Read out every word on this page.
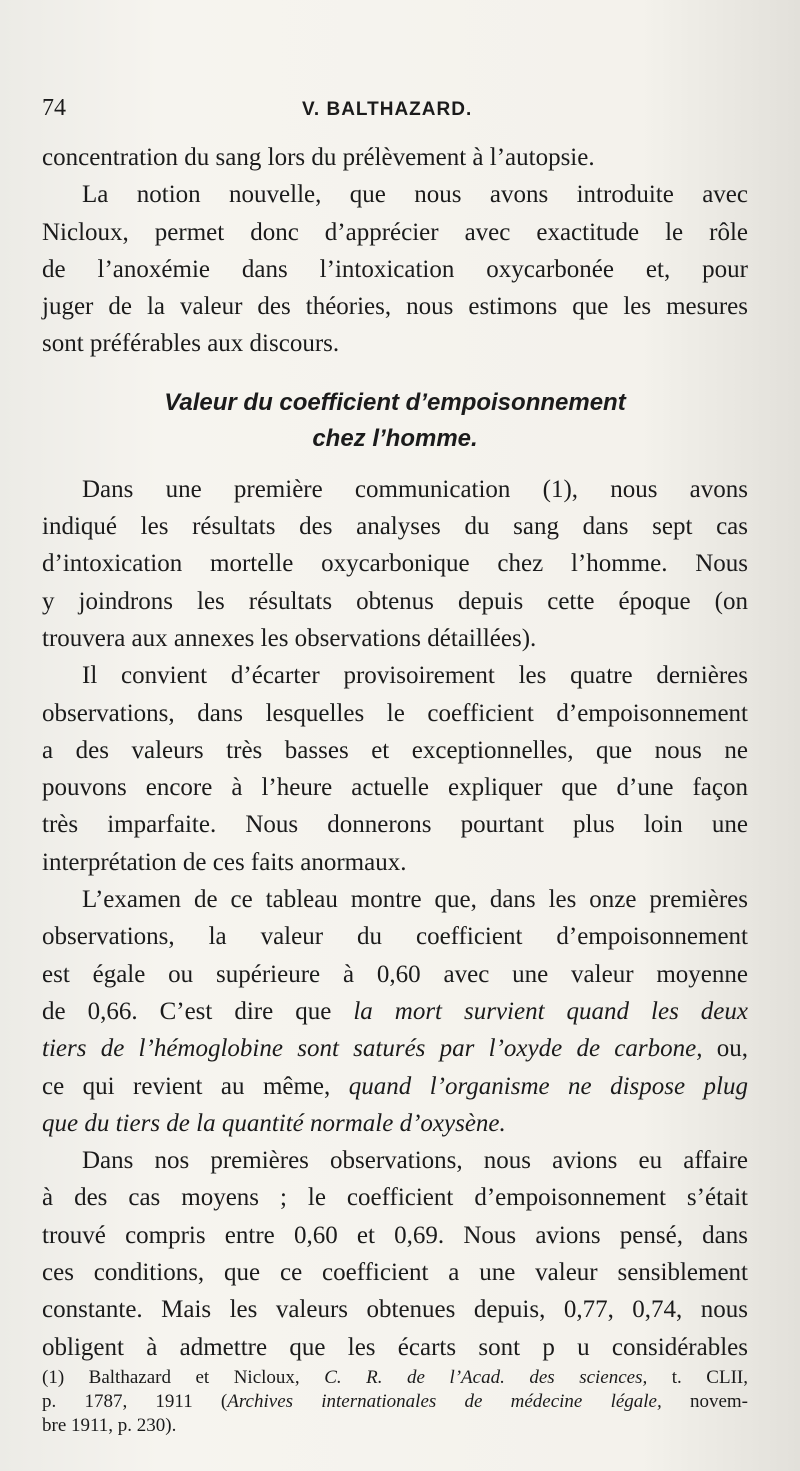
74	V. BALTHAZARD.

concentration du sang lors du prélèvement à l’autopsie.

La notion nouvelle, que nous avons introduite avec
Nicloux, permet donc d’apprécier avec exactitude le rôle
de l’anoxémie dans l’intoxication oxycarbonée et, pour
juger de la valeur des théories, nous estimons que les mesures
sont préférables aux discours.

Valeur du coefficient d’empoisonnement
chez l’homme.

Dans une première communication (1), nous avons
indiqué les résultats des analyses du sang dans sept cas
d’intoxication mortelle oxycarbonique chez l’homme. Nous
y joindrons les résultats obtenus depuis cette époque (on
trouvera aux annexes les observations détaillées).

Il convient d’écarter provisoirement les quatre dernières
observations, dans lesquelles le coefficient d’empoisonnement
a des valeurs très basses et exceptionnelles, que nous ne
pouvons encore à l’heure actuelle expliquer que d’une façon
très imparfaite. Nous donnerons pourtant plus loin une
interprétation de ces faits anormaux.

L’examen de ce tableau montre que, dans les onze premières
observations, la valeur du coefficient d’empoisonnement
est égale ou supérieure à 0,60 avec une valeur moyenne
de 0,66. C’est dire que la mort survient quand les deux
tiers de l’hémoglobine sont saturés par l’oxyde de carbone, ou,
ce qui revient au même, quand l’organisme ne dispose plug
que du tiers de la quantité normale d’oxysène.

Dans nos premières observations, nous avions eu affaire
à des cas moyens ; le coefficient d’empoisonnement s’était
trouvé compris entre 0,60 et 0,69. Nous avions pensé, dans
ces conditions, que ce coefficient a une valeur sensiblement
constante. Mais les valeurs obtenues depuis, 0,77, 0,74, nous
obligent à admettre que les écarts sont p u considérables

(1) Balthazard et Nicloux, C. R. de l’Acad. des sciences, t. CLII,
p. 1787, 1911 (Archives internationales de médecine légale, novem-
bre 1911, p. 230).
